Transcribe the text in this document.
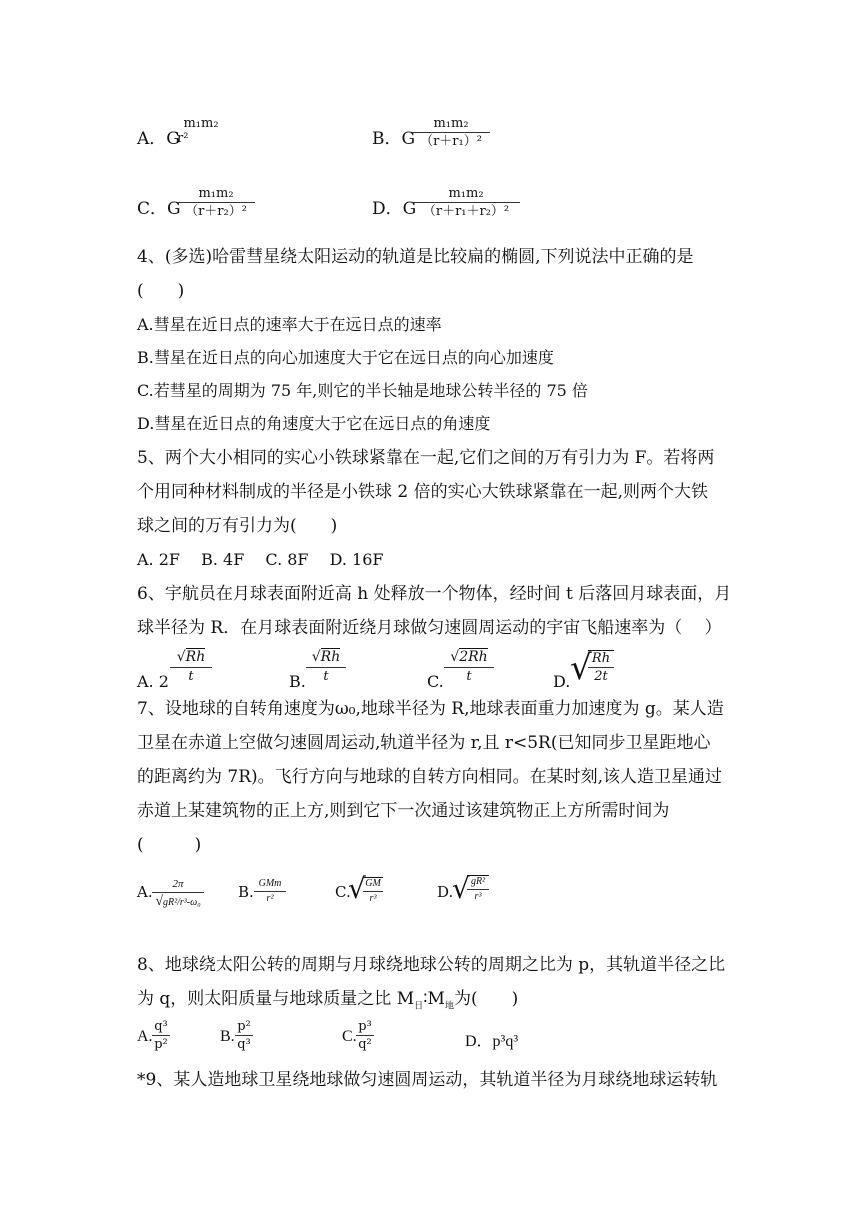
A．G
m₁m₂
r²	B．G
m₁m₂
（r＋r₁）²
C．G
m₁m₂
（r＋r₂）²	D．G
m₁m₂
（r＋r₁＋r₂）²
4、(多选)哈雷彗星绕太阳运动的轨道是比较扁的椭圆,下列说法中正确的是
(　　)
A.彗星在近日点的速率大于在远日点的速率
B.彗星在近日点的向心加速度大于它在远日点的向心加速度
C.若彗星的周期为 75 年,则它的半长轴是地球公转半径的 75 倍
D.彗星在近日点的角速度大于它在远日点的角速度
5、两个大小相同的实心小铁球紧靠在一起,它们之间的万有引力为 F。若将两
个用同种材料制成的半径是小铁球 2 倍的实心大铁球紧靠在一起,则两个大铁
球之间的万有引力为(　　)
A. 2F　 B. 4F　 C. 8F　 D. 16F
6、宇航员在月球表面附近高 h 处释放一个物体，经时间 t 后落回月球表面，月
球半径为 R．在月球表面附近绕月球做匀速圆周运动的宇宙飞船速率为（　 ）
A. 2
√Rh
t	B.
√Rh
t	C.
√2Rh
t	D. √ Rh
2t
7、设地球的自转角速度为ω₀,地球半径为 R,地球表面重力加速度为 g。某人造
卫星在赤道上空做匀速圆周运动,轨道半径为 r,且 r<5R(已知同步卫星距地心
的距离约为 7R)。飞行方向与地球的自转方向相同。在某时刻,该人造卫星通过
赤道上某建筑物的正上方,则到它下一次通过该建筑物正上方所需时间为
(　　　)
A.	2π
√gR²/r³-ω₀
B. GMm
r²	C.
√ GM
r³	D.
√ gR²
r³
8、地球绕太阳公转的周期与月球绕地球公转的周期之比为 p，其轨道半径之比
为 q，则太阳质量与地球质量之比 $M_日∶M_地$为(　　)
A.
q³
p²	B.
p²
q³	C.
p³
q²	D．p³q³
*9、某人造地球卫星绕地球做匀速圆周运动，其轨道半径为月球绕地球运转轨
